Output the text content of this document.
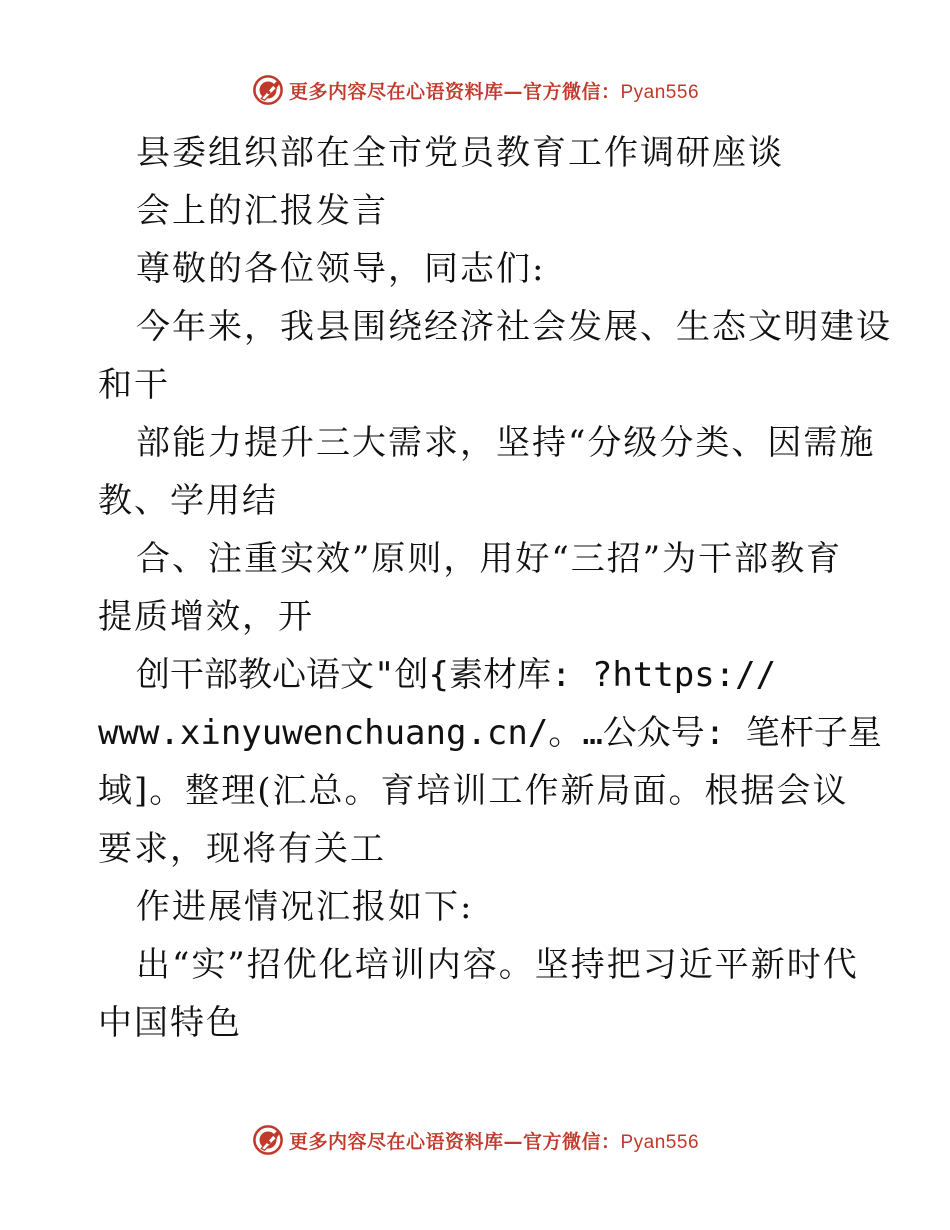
更多内容尽在心语资料库—官方微信：Pyan556
县委组织部在全市党员教育工作调研座谈
会上的汇报发言
尊敬的各位领导，同志们:
今年来，我县围绕经济社会发展、生态文明建设
和干
部能力提升三大需求，坚持“分级分类、因需施
教、学用结
合、注重实效”原则，用好“三招”为干部教育
提质增效，开
创干部教心语文"创{素材库: ?https://
www.xinyuwenchuang.cn/。…公众号: 笔杆子星
域]。整理(汇总。育培训工作新局面。根据会议
要求，现将有关工
作进展情况汇报如下:
出“实”招优化培训内容。坚持把习近平新时代
中国特色
更多内容尽在心语资料库—官方微信：Pyan556
